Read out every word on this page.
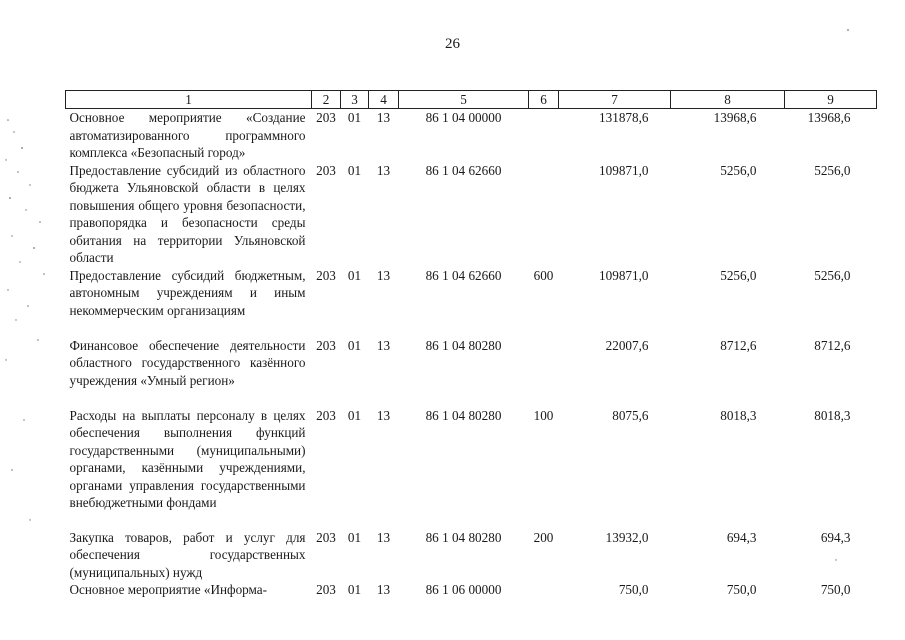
26
1	2	3	4	5	6	7	8	9
Основное мероприятие «Создание автоматизированного программного комплекса «Безопасный город»	203	01	13	86 1 04 00000		131878,6	13968,6	13968,6
Предоставление субсидий из областного бюджета Ульяновской области в целях повышения общего уровня безопасности, правопорядка и безопасности среды обитания на территории Ульяновской области	203	01	13	86 1 04 62660		109871,0	5256,0	5256,0
Предоставление субсидий бюджетным, автономным учреждениям и иным некоммерческим организациям	203	01	13	86 1 04 62660	600	109871,0	5256,0	5256,0
Финансовое обеспечение деятельности областного государственного казённого учреждения «Умный регион»	203	01	13	86 1 04 80280		22007,6	8712,6	8712,6
Расходы на выплаты персоналу в целях обеспечения выполнения функций государственными (муниципальными) органами, казёнными учреждениями, органами управления государственными внебюджетными фондами	203	01	13	86 1 04 80280	100	8075,6	8018,3	8018,3
Закупка товаров, работ и услуг для обеспечения государственных (муниципальных) нужд	203	01	13	86 1 04 80280	200	13932,0	694,3	694,3
Основное мероприятие «Информа-	203	01	13	86 1 06 00000		750,0	750,0	750,0
